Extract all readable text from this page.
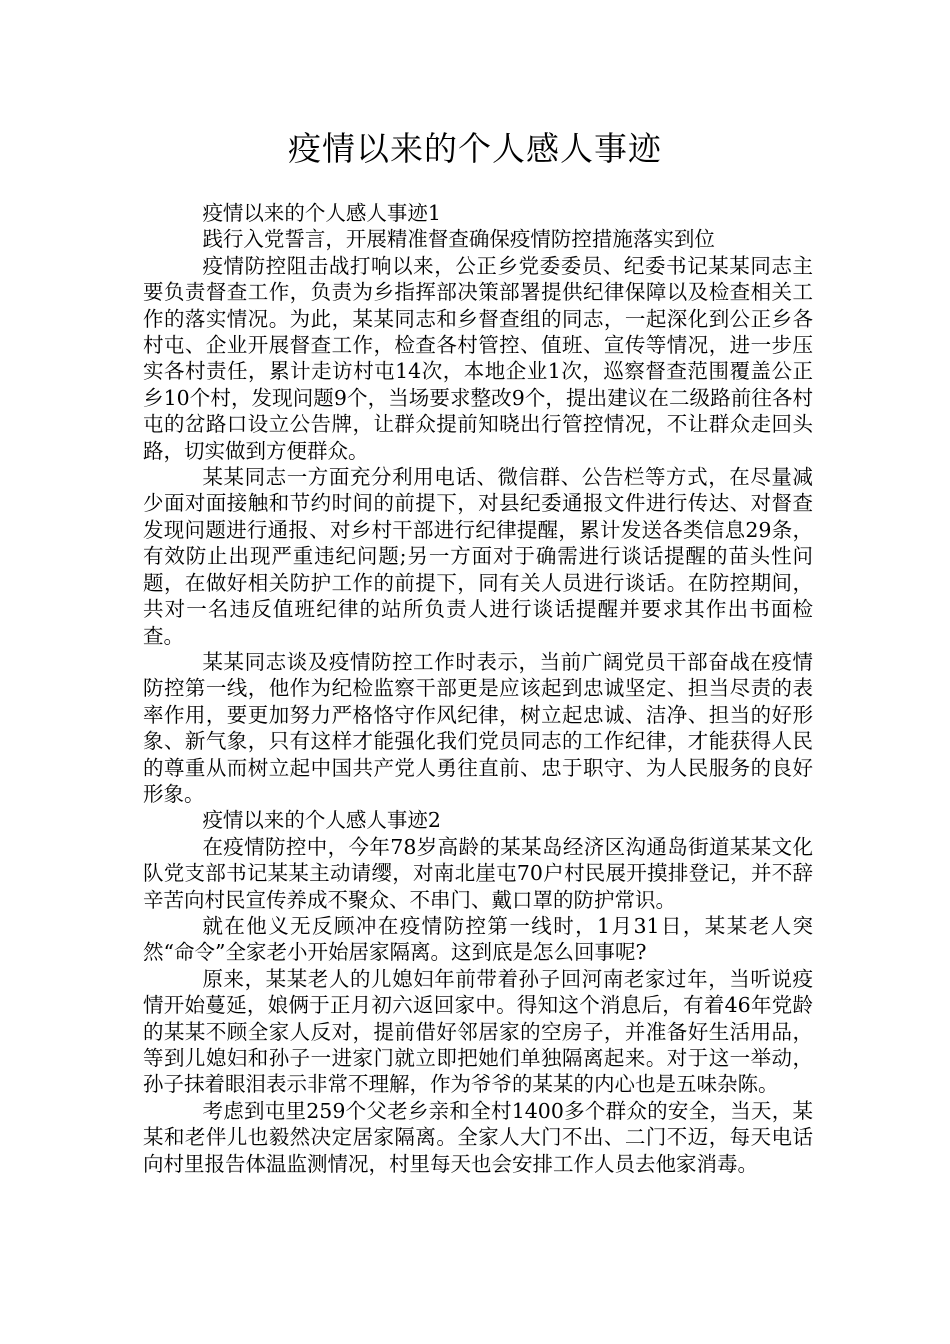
疫情以来的个人感人事迹

疫情以来的个人感人事迹1

践行入党誓言，开展精准督查确保疫情防控措施落实到位

疫情防控阻击战打响以来，公正乡党委委员、纪委书记某某同志主要负责督查工作，负责为乡指挥部决策部署提供纪律保障以及检查相关工作的落实情况。为此，某某同志和乡督查组的同志，一起深化到公正乡各村屯、企业开展督查工作，检查各村管控、值班、宣传等情况，进一步压实各村责任，累计走访村屯14次，本地企业1次，巡察督查范围覆盖公正乡10个村，发现问题9个，当场要求整改9个，提出建议在二级路前往各村屯的岔路口设立公告牌，让群众提前知晓出行管控情况，不让群众走回头路，切实做到方便群众。

某某同志一方面充分利用电话、微信群、公告栏等方式，在尽量减少面对面接触和节约时间的前提下，对县纪委通报文件进行传达、对督查发现问题进行通报、对乡村干部进行纪律提醒，累计发送各类信息29条，有效防止出现严重违纪问题;另一方面对于确需进行谈话提醒的苗头性问题，在做好相关防护工作的前提下，同有关人员进行谈话。在防控期间，共对一名违反值班纪律的站所负责人进行谈话提醒并要求其作出书面检查。

某某同志谈及疫情防控工作时表示，当前广阔党员干部奋战在疫情防控第一线，他作为纪检监察干部更是应该起到忠诚坚定、担当尽责的表率作用，要更加努力严格恪守作风纪律，树立起忠诚、洁净、担当的好形象、新气象，只有这样才能强化我们党员同志的工作纪律，才能获得人民的尊重从而树立起中国共产党人勇往直前、忠于职守、为人民服务的良好形象。

疫情以来的个人感人事迹2

在疫情防控中，今年78岁高龄的某某岛经济区沟通岛街道某某文化队党支部书记某某主动请缨，对南北崖屯70户村民展开摸排登记，并不辞辛苦向村民宣传养成不聚众、不串门、戴口罩的防护常识。

就在他义无反顾冲在疫情防控第一线时，1月31日，某某老人突然“命令”全家老小开始居家隔离。这到底是怎么回事呢?

原来，某某老人的儿媳妇年前带着孙子回河南老家过年，当听说疫情开始蔓延，娘俩于正月初六返回家中。得知这个消息后，有着46年党龄的某某不顾全家人反对，提前借好邻居家的空房子，并准备好生活用品，等到儿媳妇和孙子一进家门就立即把她们单独隔离起来。对于这一举动，孙子抹着眼泪表示非常不理解，作为爷爷的某某的内心也是五味杂陈。

考虑到屯里259个父老乡亲和全村1400多个群众的安全，当天，某某和老伴儿也毅然决定居家隔离。全家人大门不出、二门不迈，每天电话向村里报告体温监测情况，村里每天也会安排工作人员去他家消毒。
